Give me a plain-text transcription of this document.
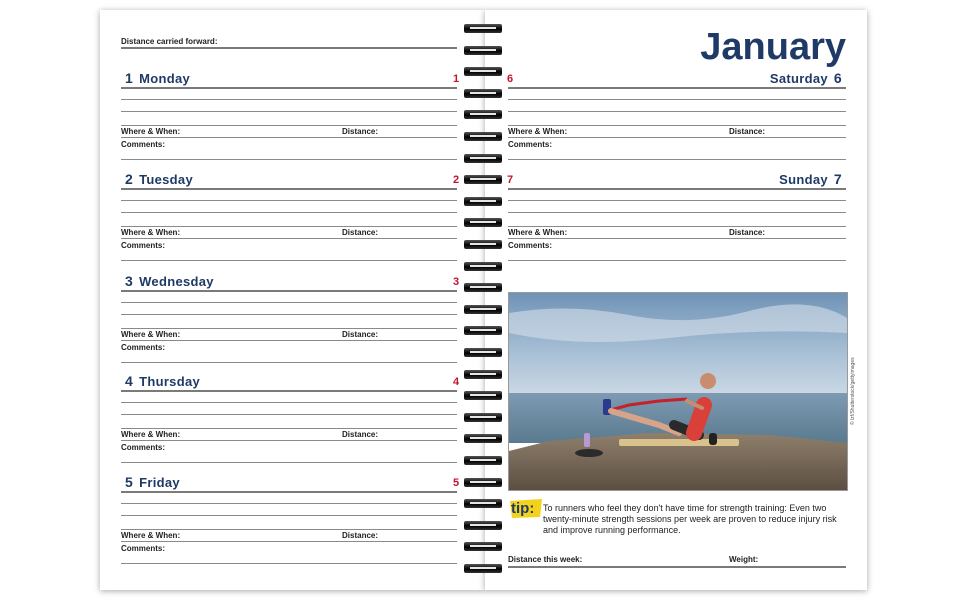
Distance carried forward:
1 Monday	1
Where & When:	Distance:
Comments:
2 Tuesday	2
Where & When:	Distance:
Comments:
3 Wednesday	3
Where & When:	Distance:
Comments:
4 Thursday	4
Where & When:	Distance:
Comments:
5 Friday	5
Where & When:	Distance:
Comments:
Saturday 6
6
Where & When:	Distance:
Comments:
Sunday 7
7
Where & When:	Distance:
Comments:
January
© lzf/Shutterstock/gettyimages
tip: To runners who feel they don't have time for strength training: Even two twenty-minute strength sessions per week are proven to reduce injury risk and improve running performance.
Distance this week:	Weight:
